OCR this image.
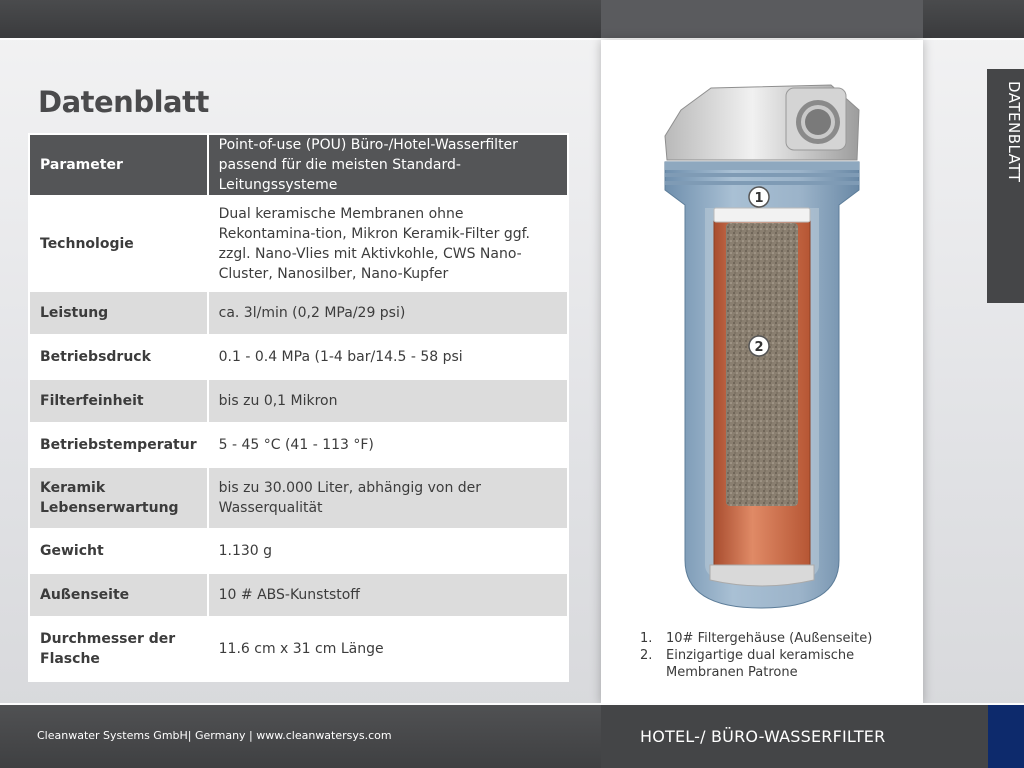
Datenblatt
Parameter	Point-of-use (POU) Büro-/Hotel-Wasserfilter passend für die meisten Standard-Leitungssysteme
Technologie	Dual keramische Membranen ohne Rekontamina-tion, Mikron Keramik-Filter ggf. zzgl. Nano-Vlies mit Aktivkohle, CWS Nano-Cluster, Nanosilber, Nano-Kupfer
Leistung	ca. 3l/min (0,2 MPa/29 psi)
Betriebsdruck	0.1 - 0.4 MPa (1-4 bar/14.5 - 58 psi
Filterfeinheit	bis zu 0,1 Mikron
Betriebstemperatur	5 - 45 °C (41 - 113 °F)
Keramik Lebenserwartung	bis zu 30.000 Liter, abhängig von der Wasserqualität
Gewicht	1.130 g
Außenseite	10 # ABS-Kunststoff
Durchmesser der Flasche	11.6 cm x 31 cm Länge
1
2
1.	10# Filtergehäuse (Außenseite)
2.	Einzigartige dual keramische Membranen Patrone
DATENBLATT
Cleanwater Systems GmbH| Germany | www.cleanwatersys.com	HOTEL-/ BÜRO-WASSERFILTER
